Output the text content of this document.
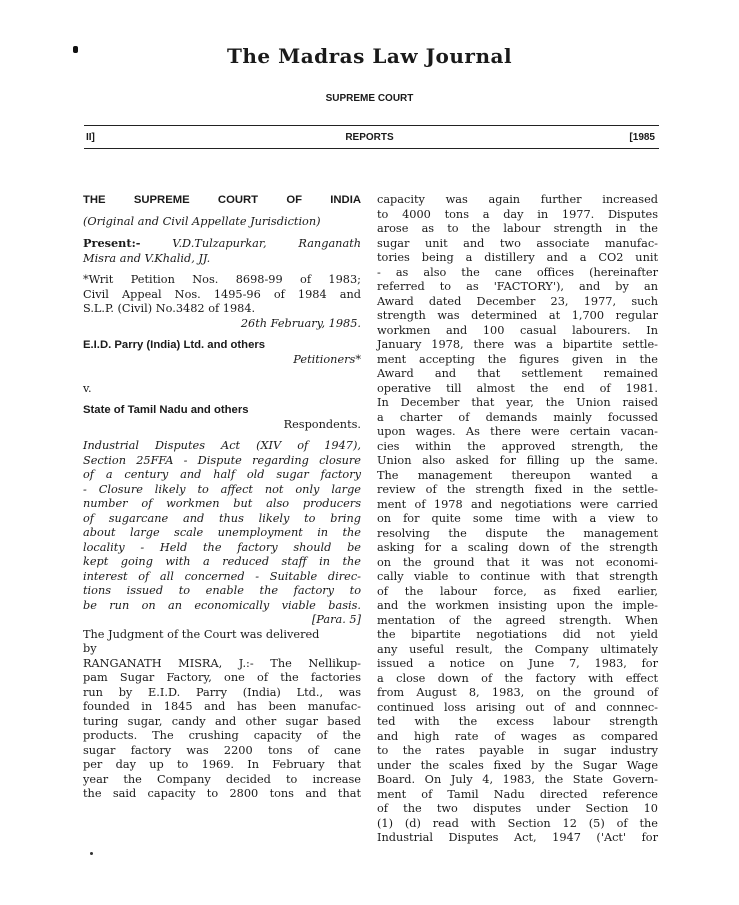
The Madras Law Journal
SUPREME COURT
II]	REPORTS	[1985

THE SUPREME COURT OF INDIA

(Original and Civil Appellate Jurisdiction)

Present:-	V.D.Tulzapurkar, Ranganath

Misra and V.Khalid, JJ.

*Writ Petition Nos. 8698-99 of 1983;

Civil Appeal Nos. 1495-96 of 1984 and

S.L.P. (Civil) No.3482 of 1984.

26th February, 1985.

E.I.D. Parry (India) Ltd. and others

Petitioners*

v.

State of Tamil Nadu and others

Respondents.

Industrial Disputes Act (XIV of 1947),

Section 25FFA - Dispute regarding closure

of a century and half old sugar factory

- Closure likely to affect not only large

number of workmen but also producers

of sugarcane and thus likely to bring

about large scale unemployment in the

locality - Held the factory should be

kept going with a reduced staff in the

interest of all concerned - Suitable direc-

tions issued to enable the factory to

be run on an economically viable basis.

[Para. 5]

The Judgment of the Court was delivered

by

RANGANATH MISRA, J.:- The Nellikup-

pam Sugar Factory, one of the factories

run by E.I.D. Parry (India) Ltd., was

founded in 1845 and has been manufac-

turing sugar, candy and other sugar based

products. The crushing capacity of the

sugar factory was 2200 tons of cane

per day up to 1969. In February that

year the Company decided to increase

the said capacity to 2800 tons and that

capacity was again further increased

to 4000 tons a day in 1977. Disputes

arose as to the labour strength in the

sugar unit and two associate manufac-

tories being a distillery and a CO2 unit

- as also the cane offices (hereinafter

referred to as 'FACTORY'), and by an

Award dated December 23, 1977, such

strength was determined at 1,700 regular

workmen and 100 casual labourers. In

January 1978, there was a bipartite settle-

ment accepting the figures given in the

Award and that settlement remained

operative till almost the end of 1981.

In December that year, the Union raised

a charter of demands mainly focussed

upon wages. As there were certain vacan-

cies within the approved strength, the

Union also asked for filling up the same.

The management thereupon wanted a

review of the strength fixed in the settle-

ment of 1978 and negotiations were carried

on for quite some time with a view to

resolving the dispute the management

asking for a scaling down of the strength

on the ground that it was not economi-

cally viable to continue with that strength

of the labour force, as fixed earlier,

and the workmen insisting upon the imple-

mentation of the agreed strength. When

the bipartite negotiations did not yield

any useful result, the Company ultimately

issued a notice on June 7, 1983, for

a close down of the factory with effect

from August 8, 1983, on the ground of

continued loss arising out of and connnec-

ted with the excess labour strength

and high rate of wages as compared

to the rates payable in sugar industry

under the scales fixed by the Sugar Wage

Board. On July 4, 1983, the State Govern-

ment of Tamil Nadu directed reference

of the two disputes under Section 10

(1) (d) read with Section 12 (5) of the

Industrial Disputes Act, 1947 ('Act' for
